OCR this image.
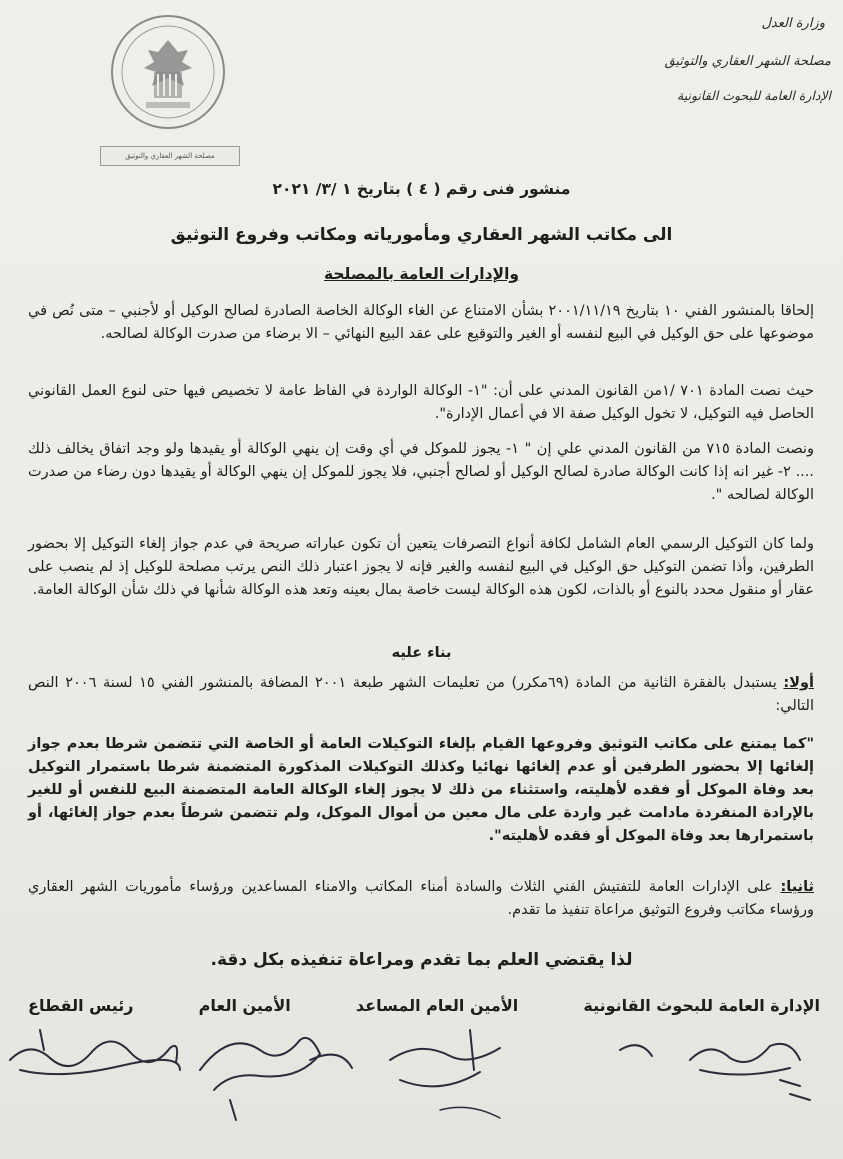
مصلحة الشهر العقاري والتوثيق
وزارة العدل
مصلحة الشهر العقاري والتوثيق
الإدارة العامة للبحوث القانونية
منشور فنى رقم ( ٤ ) بتاريخ ١ /٣/ ٢٠٢١
الى مكاتب الشهر العقاري ومأمورياته ومكاتب وفروع التوثيق
والإدارات العامة بالمصلحة
إلحاقا بالمنشور الفني ١٠ بتاريخ ٢٠٠١/١١/١٩ بشأن الامتناع عن الغاء الوكالة الخاصة الصادرة لصالح الوكيل أو لأجنبي – متى نُص في موضوعها على حق الوكيل في البيع لنفسه أو الغير والتوقيع على عقد البيع النهائي – الا برضاء من صدرت الوكالة لصالحه.
حيث نصت المادة ٧٠١ /١من القانون المدني على أن: "١- الوكالة الواردة في الفاظ عامة لا تخصيص فيها حتى لنوع العمل القانوني الحاصل فيه التوكيل، لا تخول الوكيل صفة الا في أعمال الإدارة".
ونصت المادة ٧١٥ من القانون المدني علي إن " ١- يجوز للموكل في أي وقت إن ينهي الوكالة أو يقيدها ولو وجد اتفاق يخالف ذلك .... ٢- غير انه إذا كانت الوكالة صادرة لصالح الوكيل أو لصالح أجنبي، فلا يجوز للموكل إن ينهي الوكالة أو يقيدها دون رضاء من صدرت الوكالة لصالحه ".
ولما كان التوكيل الرسمي العام الشامل لكافة أنواع التصرفات يتعين أن تكون عباراته صريحة في عدم جواز إلغاء التوكيل إلا بحضور الطرفين، وأذا تضمن التوكيل حق الوكيل في البيع لنفسه والغير فإنه لا يجوز اعتبار ذلك النص يرتب مصلحة للوكيل إذ لم ينصب على عقار أو منقول محدد بالنوع أو بالذات، لكون هذه الوكالة ليست خاصة بمال بعينه وتعد هذه الوكالة شأنها في ذلك شأن الوكالة العامة.
بناء عليه
أولا: يستبدل بالفقرة الثانية من المادة (٦٩مكرر) من تعليمات الشهر طبعة ٢٠٠١ المضافة بالمنشور الفني ١٥ لسنة ٢٠٠٦ النص التالي:
"كما يمتنع على مكاتب التوثيق وفروعها القيام بإلغاء التوكيلات العامة أو الخاصة التي تتضمن شرطا بعدم جواز إلغائها إلا بحضور الطرفين أو عدم إلغائها نهائيا وكذلك التوكيلات المذكورة المتضمنة شرطا باستمرار التوكيل بعد وفاة الموكل أو فقده لأهليته، واستثناء من ذلك لا يجوز إلغاء الوكالة العامة المتضمنة البيع للنفس أو للغير بالإرادة المنفردة مادامت غير واردة على مال معين من أموال الموكل، ولم تتضمن شرطاً بعدم جواز إلغائها، أو باستمرارها بعد وفاة الموكل أو فقده لأهليته".
ثانيا: على الإدارات العامة للتفتيش الفني الثلاث والسادة أمناء المكاتب والامناء المساعدين ورؤساء مأموريات الشهر العقاري ورؤساء مكاتب وفروع التوثيق مراعاة تنفيذ ما تقدم.
لذا يقتضي العلم بما تقدم ومراعاة تنفيذه بكل دقة.
الإدارة العامة للبحوث القانونية
الأمين العام المساعد
الأمين العام
رئيس القطاع
